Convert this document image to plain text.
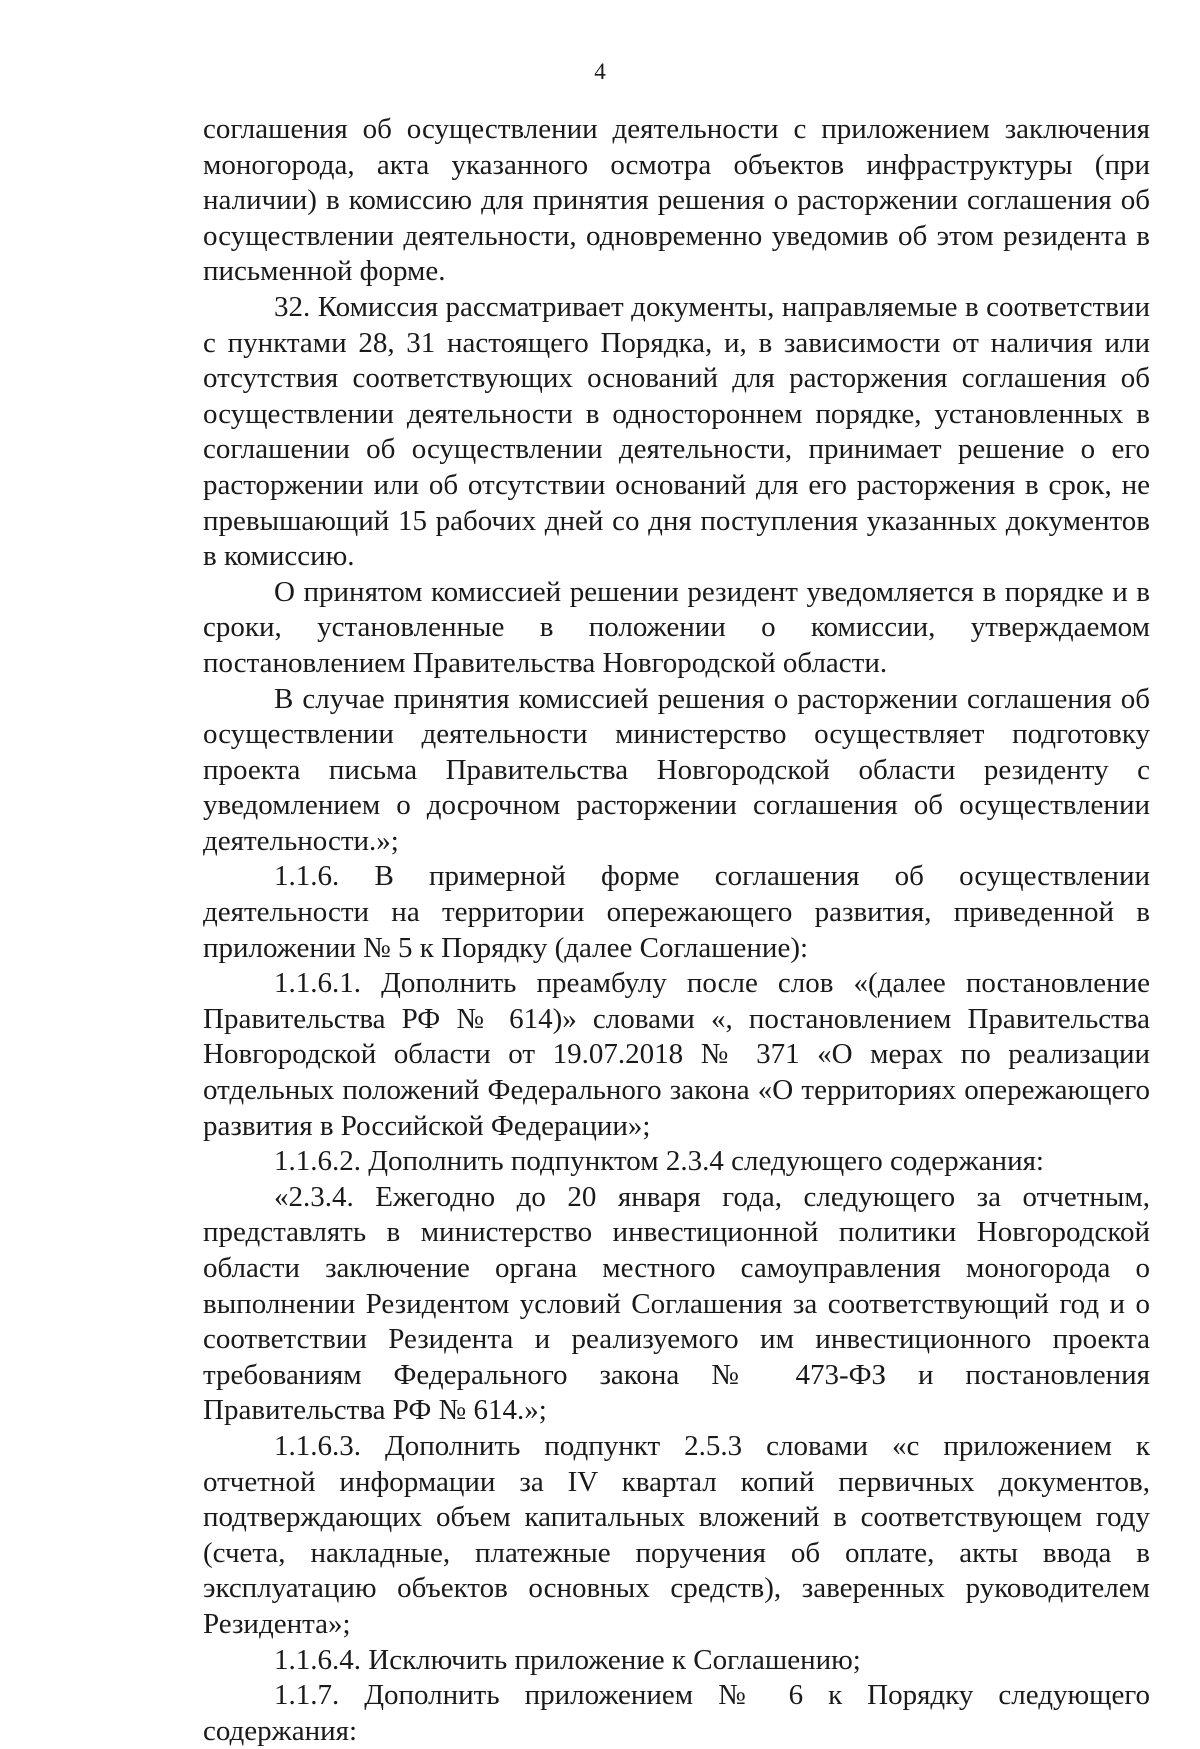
4

соглашения об осуществлении деятельности с приложением заключения моногорода, акта указанного осмотра объектов инфраструктуры (при наличии) в комиссию для принятия решения о расторжении соглашения об осуществлении деятельности, одновременно уведомив об этом резидента в письменной форме.

32. Комиссия рассматривает документы, направляемые в соответствии с пунктами 28, 31 настоящего Порядка, и, в зависимости от наличия или отсутствия соответствующих оснований для расторжения соглашения об осуществлении деятельности в одностороннем порядке, установленных в соглашении об осуществлении деятельности, принимает решение о его расторжении или об отсутствии оснований для его расторжения в срок, не превышающий 15 рабочих дней со дня поступления указанных документов в комиссию.

О принятом комиссией решении резидент уведомляется в порядке и в сроки, установленные в положении о комиссии, утверждаемом постановлением Правительства Новгородской области.

В случае принятия комиссией решения о расторжении соглашения об осуществлении деятельности министерство осуществляет подготовку проекта письма Правительства Новгородской области резиденту с уведомлением о досрочном расторжении соглашения об осуществлении деятельности.»;

1.1.6. В примерной форме соглашения об осуществлении деятельности на территории опережающего развития, приведенной в приложении № 5 к Порядку (далее Соглашение):

1.1.6.1. Дополнить преамбулу после слов «(далее постановление Правительства РФ № 614)» словами «, постановлением Правительства Новгородской области от 19.07.2018 № 371 «О мерах по реализации отдельных положений Федерального закона «О территориях опережающего развития в Российской Федерации»;

1.1.6.2. Дополнить подпунктом 2.3.4 следующего содержания:

«2.3.4. Ежегодно до 20 января года, следующего за отчетным, представлять в министерство инвестиционной политики Новгородской области заключение органа местного самоуправления моногорода о выполнении Резидентом условий Соглашения за соответствующий год и о соответствии Резидента и реализуемого им инвестиционного проекта требованиям Федерального закона № 473-ФЗ и постановления Правительства РФ № 614.»;

1.1.6.3. Дополнить подпункт 2.5.3 словами «с приложением к отчетной информации за IV квартал копий первичных документов, подтверждающих объем капитальных вложений в соответствующем году (счета, накладные, платежные поручения об оплате, акты ввода в эксплуатацию объектов основных средств), заверенных руководителем Резидента»;

1.1.6.4. Исключить приложение к Соглашению;

1.1.7. Дополнить приложением № 6 к Порядку следующего содержания:
